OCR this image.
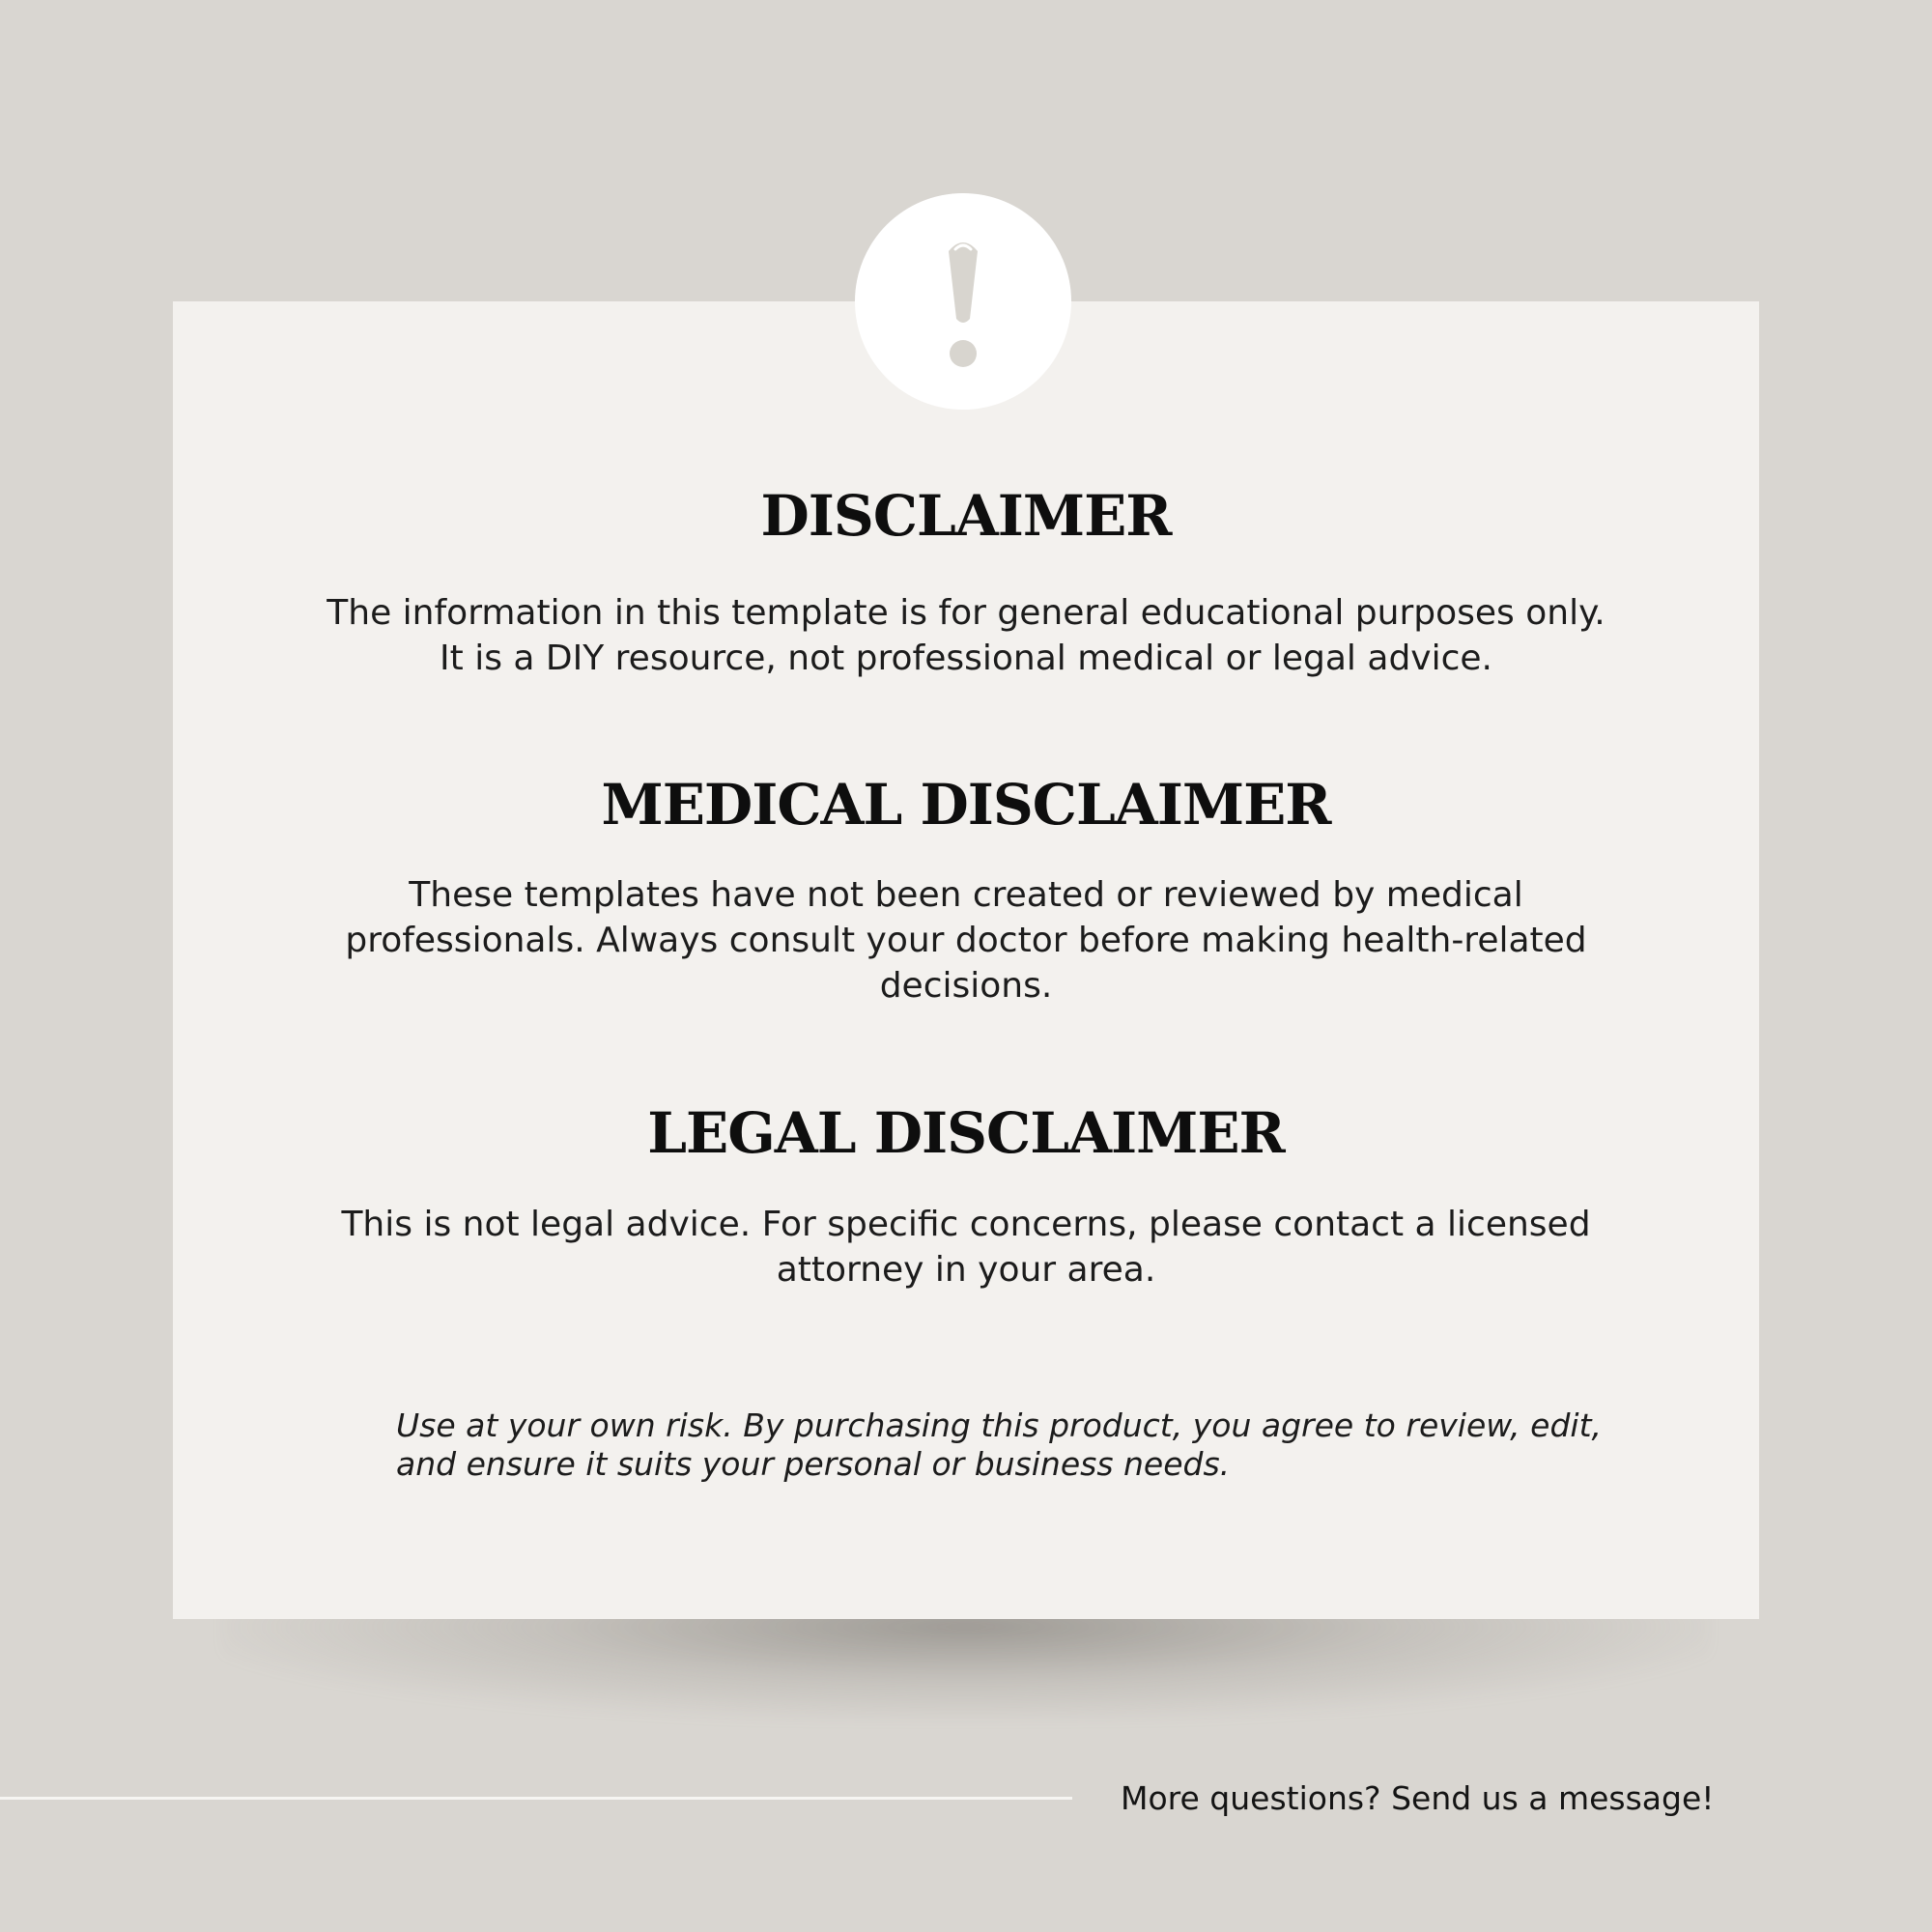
DISCLAIMER

The information in this template is for general educational purposes only.
It is a DIY resource, not professional medical or legal advice.

MEDICAL DISCLAIMER

These templates have not been created or reviewed by medical
professionals. Always consult your doctor before making health-related
decisions.

LEGAL DISCLAIMER

This is not legal advice. For specific concerns, please contact a licensed
attorney in your area.

Use at your own risk. By purchasing this product, you agree to review, edit, and ensure it suits your personal or business needs.

More questions? Send us a message!
